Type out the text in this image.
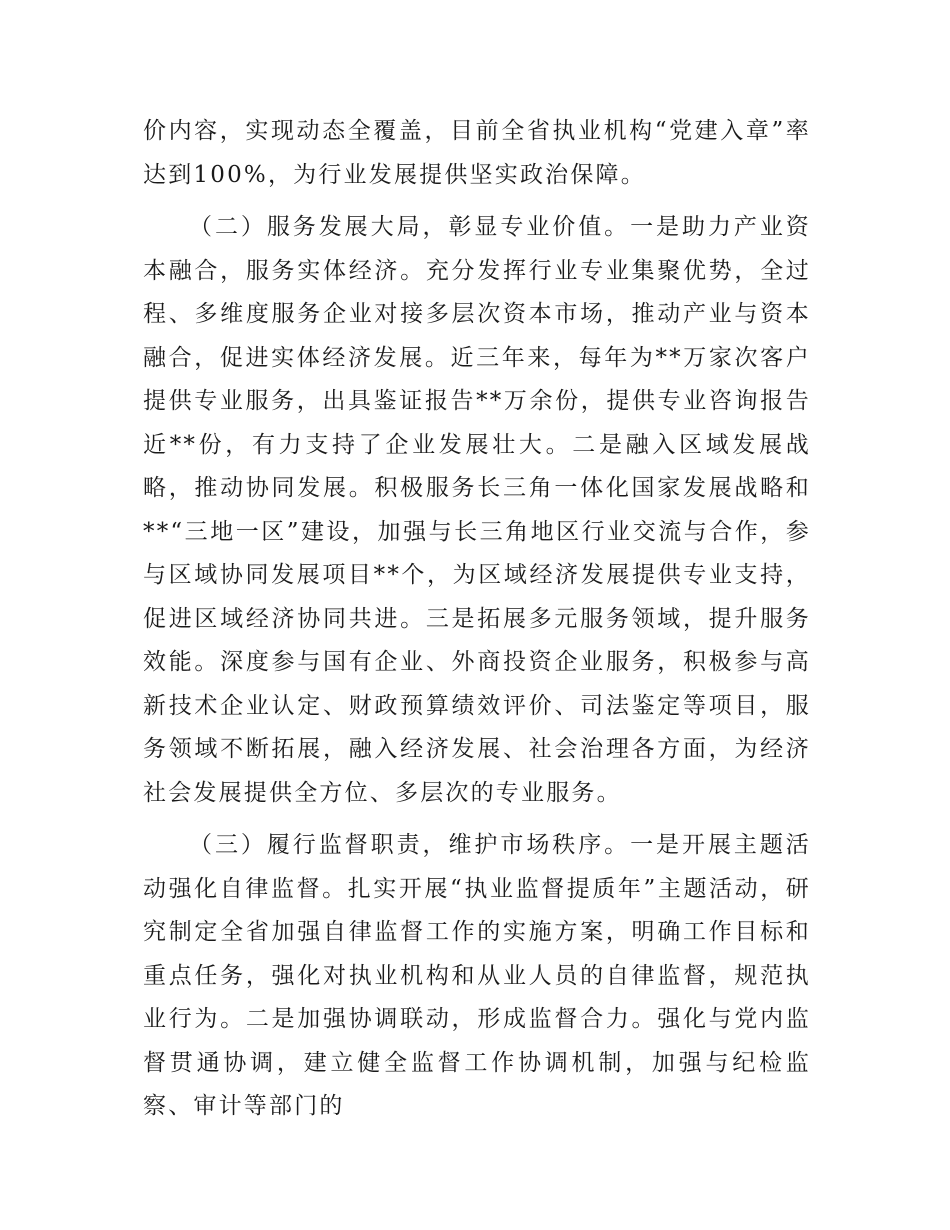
价内容，实现动态全覆盖，目前全省执业机构“党建入章”率达到100%，为行业发展提供坚实政治保障。

（二）服务发展大局，彰显专业价值。一是助力产业资本融合，服务实体经济。充分发挥行业专业集聚优势，全过程、多维度服务企业对接多层次资本市场，推动产业与资本融合，促进实体经济发展。近三年来，每年为**万家次客户提供专业服务，出具鉴证报告**万余份，提供专业咨询报告近**份，有力支持了企业发展壮大。二是融入区域发展战略，推动协同发展。积极服务长三角一体化国家发展战略和**“三地一区”建设，加强与长三角地区行业交流与合作，参与区域协同发展项目**个，为区域经济发展提供专业支持，促进区域经济协同共进。三是拓展多元服务领域，提升服务效能。深度参与国有企业、外商投资企业服务，积极参与高新技术企业认定、财政预算绩效评价、司法鉴定等项目，服务领域不断拓展，融入经济发展、社会治理各方面，为经济社会发展提供全方位、多层次的专业服务。

（三）履行监督职责，维护市场秩序。一是开展主题活动强化自律监督。扎实开展“执业监督提质年”主题活动，研究制定全省加强自律监督工作的实施方案，明确工作目标和重点任务，强化对执业机构和从业人员的自律监督，规范执业行为。二是加强协调联动，形成监督合力。强化与党内监督贯通协调，建立健全监督工作协调机制，加强与纪检监察、审计等部门的
